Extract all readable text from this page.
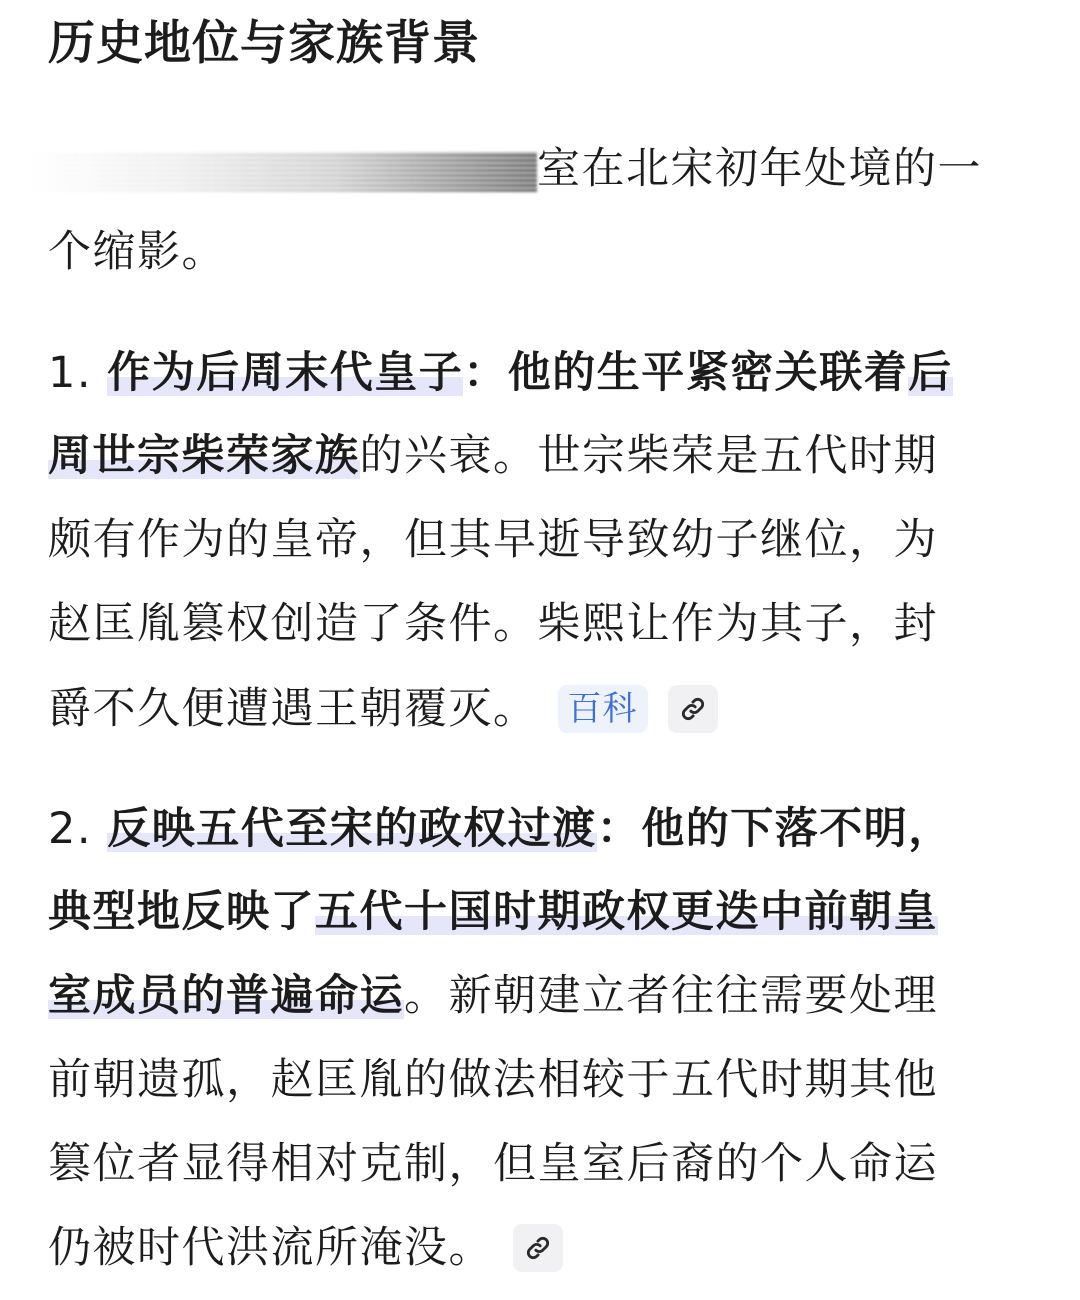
历史地位与家族背景
室在北宋初年处境的一
个缩影。
1. 作为后周末代皇子：他的生平紧密关联着后
周世宗柴荣家族的兴衰。世宗柴荣是五代时期
颇有作为的皇帝，但其早逝导致幼子继位，为
赵匡胤篡权创造了条件。柴熙让作为其子，封
爵不久便遭遇王朝覆灭。 百科
2. 反映五代至宋的政权过渡：他的下落不明，
典型地反映了五代十国时期政权更迭中前朝皇
室成员的普遍命运。新朝建立者往往需要处理
前朝遗孤，赵匡胤的做法相较于五代时期其他
篡位者显得相对克制，但皇室后裔的个人命运
仍被时代洪流所淹没。
